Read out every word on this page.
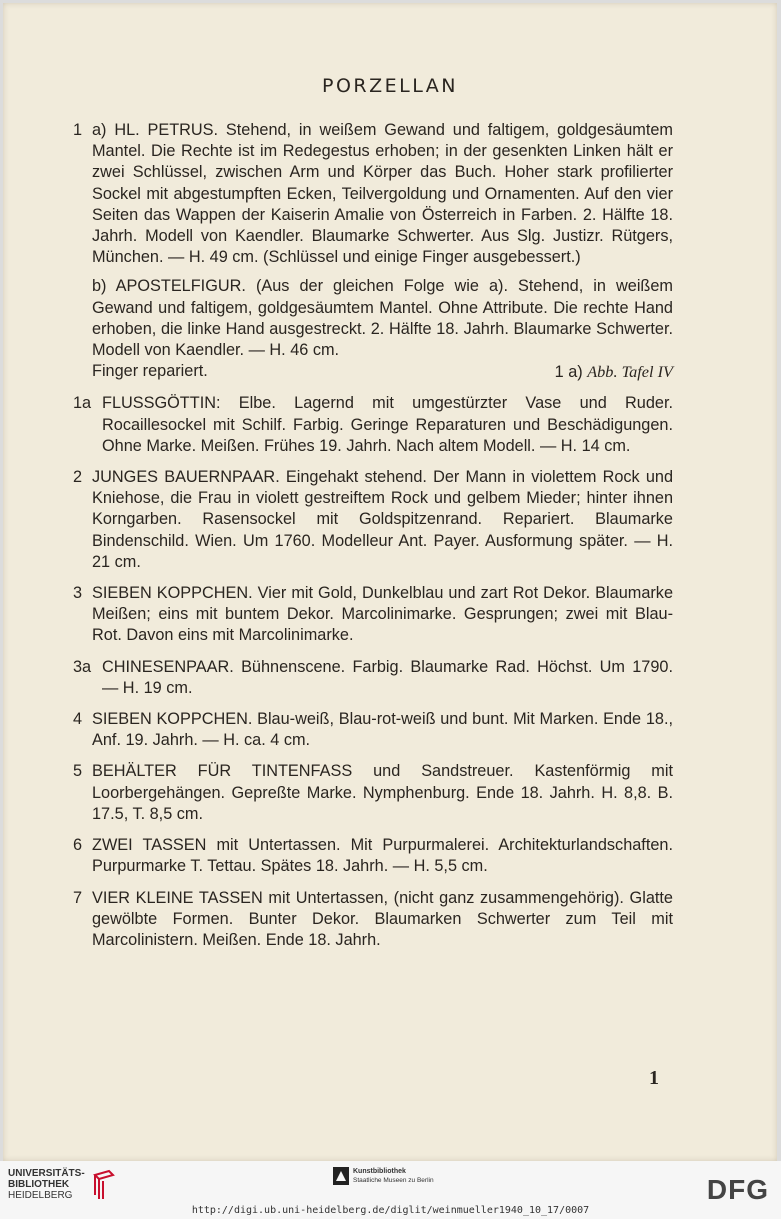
PORZELLAN
1 a) HL. PETRUS. Stehend, in weißem Gewand und faltigem, goldgesäumtem Mantel. Die Rechte ist im Redegestus erhoben; in der gesenkten Linken hält er zwei Schlüssel, zwischen Arm und Körper das Buch. Hoher stark profilierter Sockel mit abgestumpften Ecken, Teilvergoldung und Ornamenten. Auf den vier Seiten das Wappen der Kaiserin Amalie von Österreich in Farben. 2. Hälfte 18. Jahrh. Modell von Kaendler. Blaumarke Schwerter. Aus Slg. Justizr. Rütgers, München. — H. 49 cm. (Schlüssel und einige Finger ausgebessert.)
b) APOSTELFIGUR. (Aus der gleichen Folge wie a). Stehend, in weißem Gewand und faltigem, goldgesäumtem Mantel. Ohne Attribute. Die rechte Hand erhoben, die linke Hand ausgestreckt. 2. Hälfte 18. Jahrh. Blaumarke Schwerter. Modell von Kaendler. — H. 46 cm.
Finger repariert.	1 a) Abb. Tafel IV
1a FLUSSGÖTTIN: Elbe. Lagernd mit umgestürzter Vase und Ruder. Rocaillesockel mit Schilf. Farbig. Geringe Reparaturen und Beschädigungen. Ohne Marke. Meißen. Frühes 19. Jahrh. Nach altem Modell. — H. 14 cm.
2 JUNGES BAUERNPAAR. Eingehakt stehend. Der Mann in violettem Rock und Kniehose, die Frau in violett gestreiftem Rock und gelbem Mieder; hinter ihnen Korngarben. Rasensockel mit Goldspitzenrand. Repariert. Blaumarke Bindenschild. Wien. Um 1760. Modelleur Ant. Payer. Ausformung später. — H. 21 cm.
3 SIEBEN KOPPCHEN. Vier mit Gold, Dunkelblau und zart Rot Dekor. Blaumarke Meißen; eins mit buntem Dekor. Marcolinimarke. Gesprungen; zwei mit Blau-Rot. Davon eins mit Marcolinimarke.
3a CHINESENPAAR. Bühnenscene. Farbig. Blaumarke Rad. Höchst. Um 1790. — H. 19 cm.
4 SIEBEN KOPPCHEN. Blau-weiß, Blau-rot-weiß und bunt. Mit Marken. Ende 18., Anf. 19. Jahrh. — H. ca. 4 cm.
5 BEHÄLTER FÜR TINTENFASS und Sandstreuer. Kastenförmig mit Loorbergehängen. Gepreßte Marke. Nymphenburg. Ende 18. Jahrh. H. 8,8. B. 17.5, T. 8,5 cm.
6 ZWEI TASSEN mit Untertassen. Mit Purpurmalerei. Architekturlandschaften. Purpurmarke T. Tettau. Spätes 18. Jahrh. — H. 5,5 cm.
7 VIER KLEINE TASSEN mit Untertassen, (nicht ganz zusammengehörig). Glatte gewölbte Formen. Bunter Dekor. Blaumarken Schwerter zum Teil mit Marcolinistern. Meißen. Ende 18. Jahrh.
1
UNIVERSITÄTS-
BIBLIOTHEK
HEIDELBERG
Kunstbibliothek
Staatliche Museen zu Berlin	DFG
http://digi.ub.uni-heidelberg.de/diglit/weinmueller1940_10_17/0007
